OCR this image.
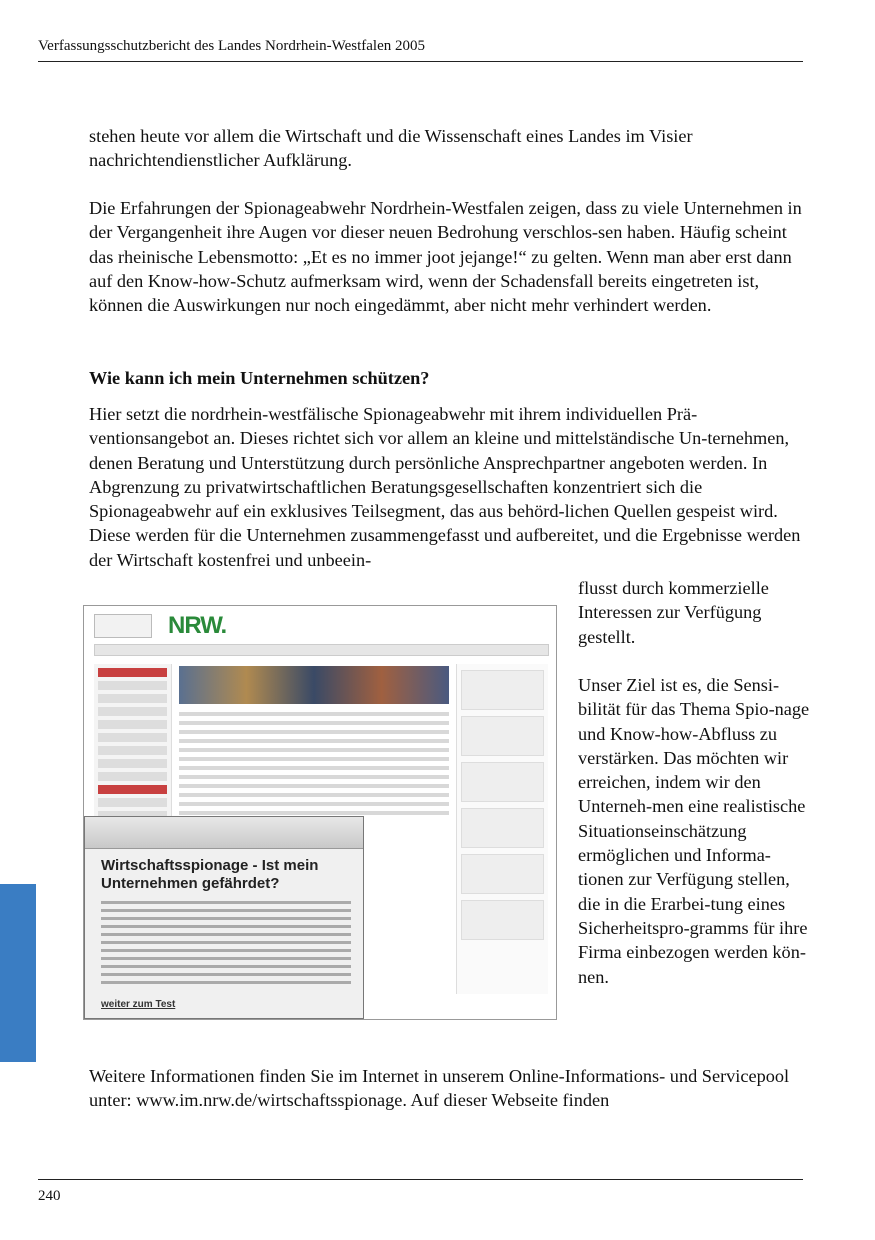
Verfassungsschutzbericht des Landes Nordrhein-Westfalen 2005

stehen heute vor allem die Wirtschaft und die Wissenschaft eines Landes im Visier nachrichtendienstlicher Aufklärung.

Die Erfahrungen der Spionageabwehr Nordrhein-Westfalen zeigen, dass zu viele Unternehmen in der Vergangenheit ihre Augen vor dieser neuen Bedrohung verschlos-sen haben. Häufig scheint das rheinische Lebensmotto: „Et es no immer joot jejange!“ zu gelten. Wenn man aber erst dann auf den Know-how-Schutz aufmerksam wird, wenn der Schadensfall bereits eingetreten ist, können die Auswirkungen nur noch eingedämmt, aber nicht mehr verhindert werden.

Wie kann ich mein Unternehmen schützen?

Hier setzt die nordrhein-westfälische Spionageabwehr mit ihrem individuellen Prä-ventionsangebot an. Dieses richtet sich vor allem an kleine und mittelständische Un-ternehmen, denen Beratung und Unterstützung durch persönliche Ansprechpartner angeboten werden. In Abgrenzung zu privatwirtschaftlichen Beratungsgesellschaften konzentriert sich die Spionageabwehr auf ein exklusives Teilsegment, das aus behörd-lichen Quellen gespeist wird. Diese werden für die Unternehmen zusammengefasst und aufbereitet, und die Ergebnisse werden der Wirtschaft kostenfrei und unbeein-

flusst durch kommerzielle Interessen zur Verfügung gestellt.

Unser Ziel ist es, die Sensi-bilität für das Thema Spio-nage und Know-how-Abfluss zu verstärken. Das möchten wir erreichen, indem wir den Unterneh-men eine realistische Situationseinschätzung ermöglichen und Informa-tionen zur Verfügung stellen, die in die Erarbei-tung eines Sicherheitspro-gramms für ihre Firma einbezogen werden kön-nen.

NRW.
Wirtschaftsspionage - Ist mein Unternehmen gefährdet?
weiter zum Test

Weitere Informationen finden Sie im Internet in unserem Online-Informations- und Servicepool unter: www.im.nrw.de/wirtschaftsspionage. Auf dieser Webseite finden

240
